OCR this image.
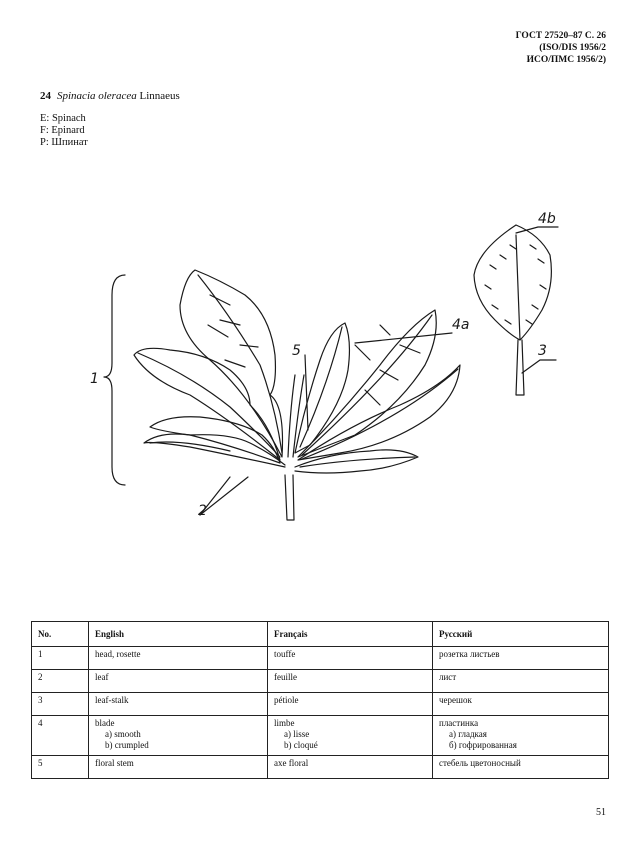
ГОСТ 27520–87 С. 26
(ISO/DIS 1956/2
ИСО/ПМС 1956/2)
24 Spinacia oleracea Linnaeus
E: Spinach
F: Epinard
P: Шпинат
1
2
3
4a
4b
5
No.	English	Français	Русский
1	head, rosette	touffe	розетка листьев
2	leaf	feuille	лист
3	leaf-stalk	pétiole	черешок
4	blade
a) smooth
b) crumpled	limbe
a) lisse
b) cloqué	пластинка
а) гладкая
б) гофрированная

5	floral stem	axe floral	стебель цветоносный
51
